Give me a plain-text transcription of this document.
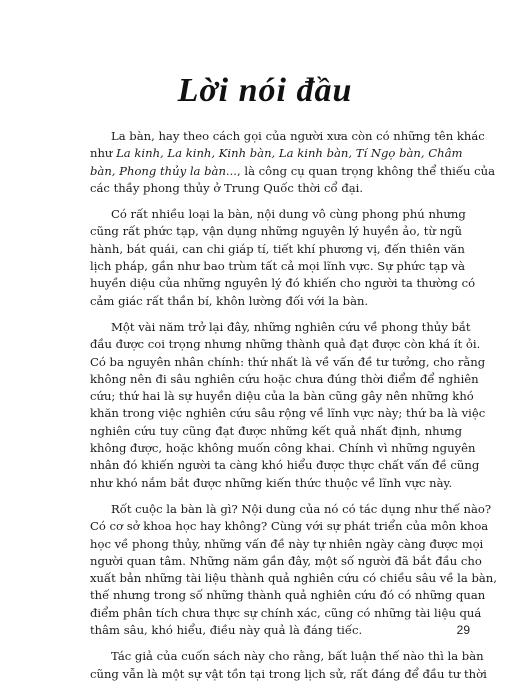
Lời nói đầu
La bàn, hay theo cách gọi của người xưa còn có những tên khác
như La kinh, La kinh, Kinh bàn, La kinh bàn, Tí Ngọ bàn, Châm
bàn, Phong thủy la bàn..., là công cụ quan trọng không thể thiếu của
các thầy phong thủy ở Trung Quốc thời cổ đại.
Có rất nhiều loại la bàn, nội dung vô cùng phong phú nhưng
cũng rất phức tạp, vận dụng những nguyên lý huyền ảo, từ ngũ
hành, bát quái, can chi giáp tí, tiết khí phương vị, đến thiên văn
lịch pháp, gần như bao trùm tất cả mọi lĩnh vực. Sự phức tạp và
huyền diệu của những nguyên lý đó khiến cho người ta thường có
cảm giác rất thần bí, khôn lường đối với la bàn.
Một vài năm trở lại đây, những nghiên cứu về phong thủy bắt
đầu được coi trọng nhưng những thành quả đạt được còn khá ít ỏi.
Có ba nguyên nhân chính: thứ nhất là về vấn đề tư tưởng, cho rằng
không nên đi sâu nghiên cứu hoặc chưa đúng thời điểm để nghiên
cứu; thứ hai là sự huyền diệu của la bàn cũng gây nên những khó
khăn trong việc nghiên cứu sâu rộng về lĩnh vực này; thứ ba là việc
nghiên cứu tuy cũng đạt được những kết quả nhất định, nhưng
không được, hoặc không muốn công khai. Chính vì những nguyên
nhân đó khiến người ta càng khó hiểu được thực chất vấn đề cũng
như khó nắm bắt được những kiến thức thuộc về lĩnh vực này.
Rốt cuộc la bàn là gì? Nội dung của nó có tác dụng như thế nào?
Có cơ sở khoa học hay không? Cùng với sự phát triển của môn khoa
học về phong thủy, những vấn đề này tự nhiên ngày càng được mọi
người quan tâm. Những năm gần đây, một số người đã bắt đầu cho
xuất bản những tài liệu thành quả nghiên cứu có chiều sâu về la bàn,
thế nhưng trong số những thành quả nghiên cứu đó có những quan
điểm phân tích chưa thực sự chính xác, cũng có những tài liệu quá
thâm sâu, khó hiểu, điều này quả là đáng tiếc.
Tác giả của cuốn sách này cho rằng, bất luận thế nào thì la bàn
cũng vẫn là một sự vật tồn tại trong lịch sử, rất đáng để đầu tư thời
29
